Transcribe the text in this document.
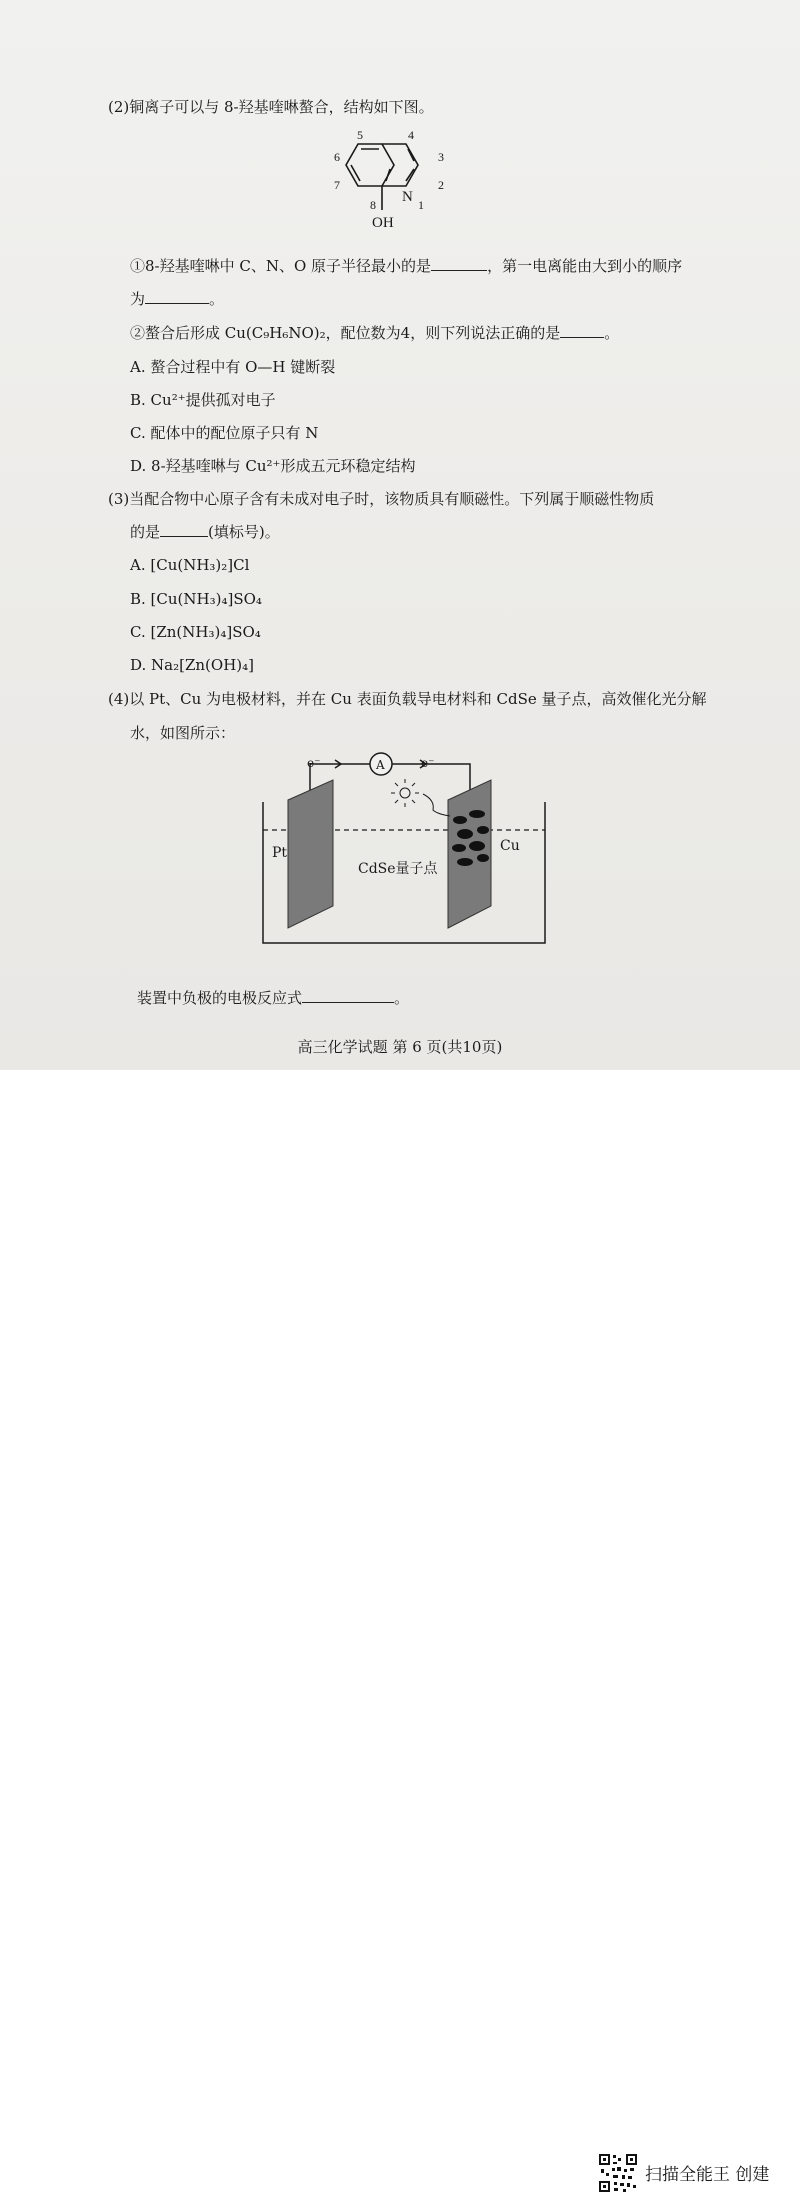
(2)铜离子可以与 8-羟基喹啉螯合，结构如下图。
5	4
6	3
7	2
8 N 1
OH
①8-羟基喹啉中 C、N、O 原子半径最小的是	，第一电离能由大到小的顺序
为	。
②螯合后形成 Cu(C₉H₆NO)₂，配位数为4，则下列说法正确的是	。
A. 螯合过程中有 O—H 键断裂
B. Cu²⁺提供孤对电子
C. 配体中的配位原子只有 N
D. 8-羟基喹啉与 Cu²⁺形成五元环稳定结构
(3)当配合物中心原子含有未成对电子时，该物质具有顺磁性。下列属于顺磁性物质
的是	(填标号)。
A. [Cu(NH₃)₂]Cl
B. [Cu(NH₃)₄]SO₄
C. [Zn(NH₃)₄]SO₄
D. Na₂[Zn(OH)₄]
(4)以 Pt、Cu 为电极材料，并在 Cu 表面负载导电材料和 CdSe 量子点，高效催化光分解
水，如图所示：
e⁻	e⁻
A
Pt	Cu
CdSe量子点
装置中负极的电极反应式	。
高三化学试题 第 6 页(共10页)
扫描全能王 创建
